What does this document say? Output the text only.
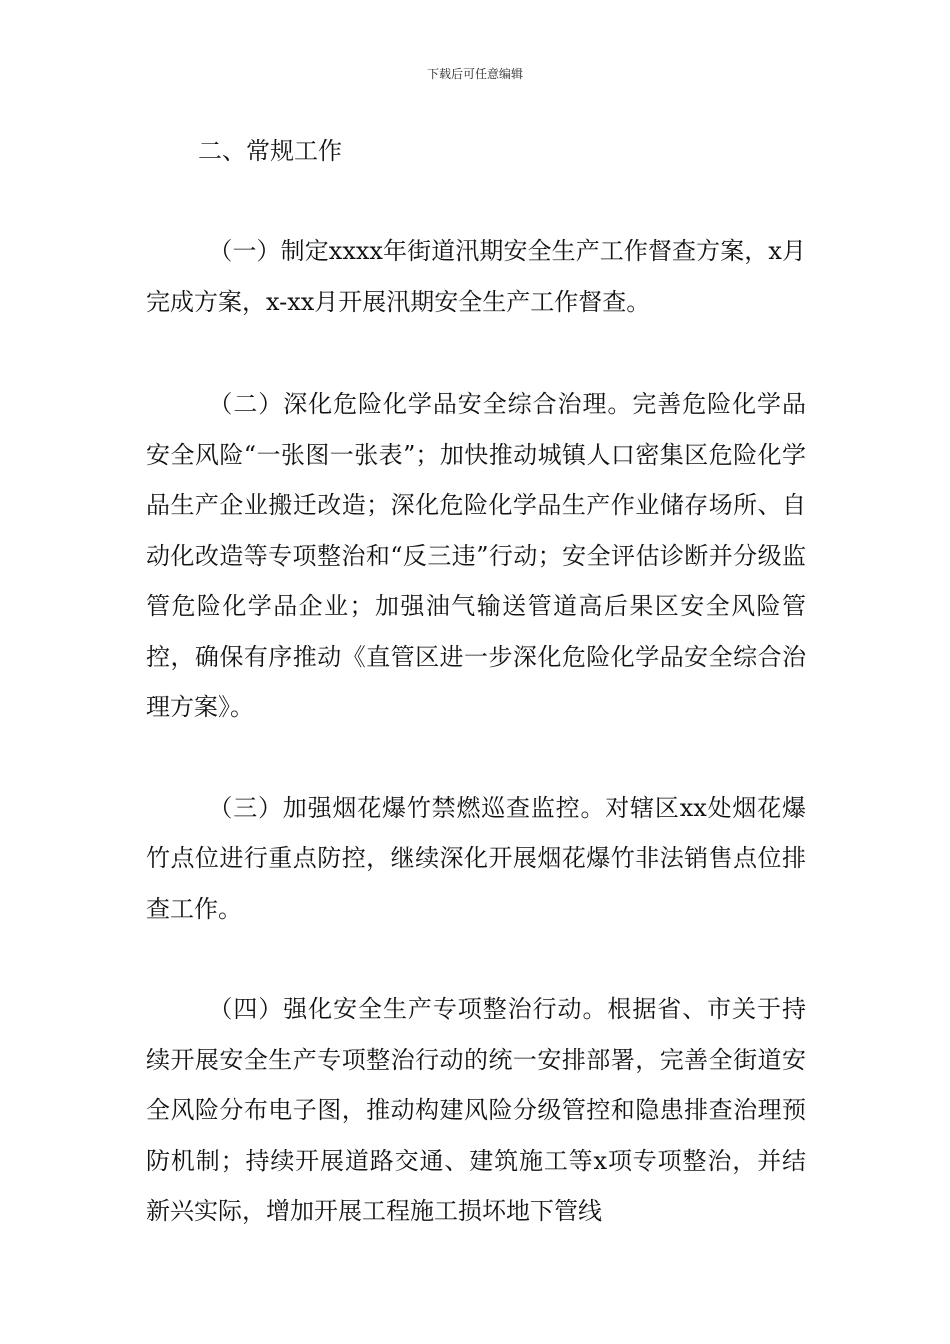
下载后可任意编辑
二、常规工作

（一）制定xxxx年街道汛期安全生产工作督查方案，x月完成方案，x-xx月开展汛期安全生产工作督查。

（二）深化危险化学品安全综合治理。完善危险化学品安全风险“一张图一张表”；加快推动城镇人口密集区危险化学品生产企业搬迁改造；深化危险化学品生产作业储存场所、自动化改造等专项整治和“反三违”行动；安全评估诊断并分级监管危险化学品企业；加强油气输送管道高后果区安全风险管控，确保有序推动《直管区进一步深化危险化学品安全综合治理方案》。

（三）加强烟花爆竹禁燃巡查监控。对辖区xx处烟花爆竹点位进行重点防控，继续深化开展烟花爆竹非法销售点位排查工作。

（四）强化安全生产专项整治行动。根据省、市关于持续开展安全生产专项整治行动的统一安排部署，完善全街道安全风险分布电子图，推动构建风险分级管控和隐患排查治理预防机制；持续开展道路交通、建筑施工等x项专项整治，并结新兴实际，增加开展工程施工损坏地下管线
